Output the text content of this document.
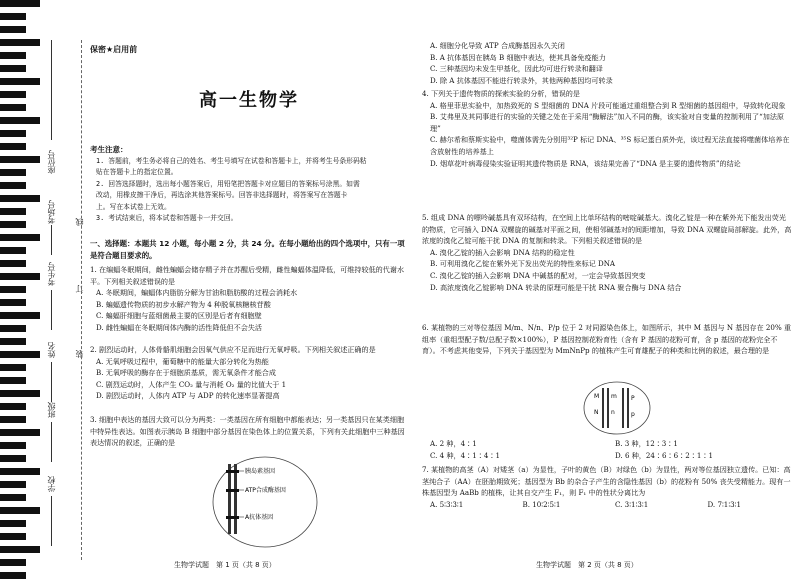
座位号
考场号
考生号
姓名
班级
学校
线
订
装
保密★启用前
高一生物学
考生注意：

1. 答题前，考生务必将自己的姓名、考生号填写在试卷和答题卡上，并将考生号条形码粘

贴在答题卡上的指定位置。

2. 回答选择题时，选出每小题答案后，用铅笔把答题卡对应题目的答案标号涂黑。如需

改动，用橡皮擦干净后，再选涂其他答案标号。回答非选择题时，将答案写在答题卡

上。写在本试卷上无效。

3. 考试结束后，将本试卷和答题卡一并交回。

一、选择题：本题共 12 小题，每小题 2 分，共 24 分。在每小题给出的四个选项中，只有一项是符合题目要求的。

1. 在编蝠冬眠期间，雌性蝙蝠会储存精子并在苏醒后受精，雌性蝙蝠体温降低，可维持较低的代谢水平。下列相关叙述错误的是

A. 冬眠期间，蝙蝠体内脂肪分解为甘油和脂肪酸的过程会消耗水

B. 蝙蝠遗传物质的初步水解产物为 4 种脱氧核糖核苷酸

C. 蝙蝠肝细胞与蓝细菌最主要的区别是后者有细胞壁

D. 雌性蝙蝠在冬眠期间体内酶的活性降低但不会失活

2. 剧烈运动时，人体骨骼肌细胞会因氧气供应不足而进行无氧呼吸。下列相关叙述正确的是

A. 无氧呼吸过程中，葡萄糖中的能量大部分转化为热能

B. 无氧呼吸的酶存在于细胞质基质，需无氧条件才能合成

C. 剧烈运动时，人体产生 CO₂ 量与消耗 O₂ 量的比值大于 1

D. 剧烈运动时，人体内 ATP 与 ADP 的转化速率显著提高

3. 细胞中表达的基因大致可以分为两类：一类基因在所有细胞中都能表达；另一类基因只在某类细胞中特异性表达。如图表示胰岛 B 细胞中部分基因在染色体上的位置关系，下列有关此细胞中三种基因表达情况的叙述，正确的是

胰岛素基因
ATP合成酶基因
A抗体基因
生物学试题　第 1 页（共 8 页）

A. 细胞分化导致 ATP 合成酶基因永久关闭

B. A 抗体基因在胰岛 B 细胞中表达，使其具备免疫能力

C. 三种基因均未发生甲基化，因此均可进行转录和翻译

D. 除 A 抗体基因不能进行转录外，其他两种基因均可转录

4. 下列关于遗传物质的探索实验的分析，错误的是

A. 格里菲思实验中，加热致死的 S 型细菌的 DNA 片段可能通过重组整合到 R 型细菌的基因组中，导致转化现象

B. 艾弗里及其同事进行的实验的关键之处在于采用“酶解法”加入不同的酶，该实验对自变量的控制利用了“加法原理”

C. 赫尔希和蔡斯实验中，噬菌体需先分别用³²P 标记 DNA、³⁵S 标记蛋白质外壳，该过程无法直接将噬菌体培养在含放射性的培养基上

D. 烟草花叶病毒侵染实验证明其遗传物质是 RNA，该结果完善了“DNA 是主要的遗传物质”的结论

5. 组成 DNA 的嘌呤碱基具有双环结构，在空间上比单环结构的嘧啶碱基大。溴化乙锭是一种在紫外光下能发出荧光的物质，它可插入 DNA 双螺旋的碱基对平面之间，使相邻碱基对的间距增加，导致 DNA 双螺旋局部解旋。此外，高浓度的溴化乙锭可能干扰 DNA 的复制和转录。下列相关叙述错误的是

A. 溴化乙锭的插入会影响 DNA 结构的稳定性

B. 可利用溴化乙锭在紫外光下发出荧光的特性来标记 DNA

C. 溴化乙锭的插入会影响 DNA 中碱基的配对，一定会导致基因突变

D. 高浓度溴化乙锭影响 DNA 转录的原理可能是干扰 RNA 聚合酶与 DNA 结合

6. 某植物的三对等位基因 M/m、N/n、P/p 位于 2 对同源染色体上，如图所示，其中 M 基因与 N 基因存在 20% 重组率（重组型配子数/总配子数×100%），P 基因控制花粉育性（含有 P 基因的花粉可育，含 p 基因的花粉完全不育）。不考虑其他变异，下列关于基因型为 MmNnPp 的植株产生可育雄配子的种类和比例的叙述，最合理的是

M
N
m
n
P
p
A. 2 种，4∶1	B. 3 种，12∶3∶1
C. 4 种，4∶1∶4∶1	D. 6 种，24∶6∶6∶2∶1∶1

7. 某植物的高茎（A）对矮茎（a）为显性，子叶的黄色（B）对绿色（b）为显性，两对等位基因独立遗传。已知：高茎纯合子（AA）在胚胎期致死；基因型为 Bb 的杂合子产生的含隐性基因（b）的花粉有 50% 丧失受精能力。现有一株基因型为 AaBb 的植株，让其自交产生 F₁，则 F₁ 中的性状分离比为

A. 5∶3∶3∶1	B. 10∶2∶5∶1	C. 3∶1∶3∶1	D. 7∶1∶3∶1
生物学试题　第 2 页（共 8 页）
